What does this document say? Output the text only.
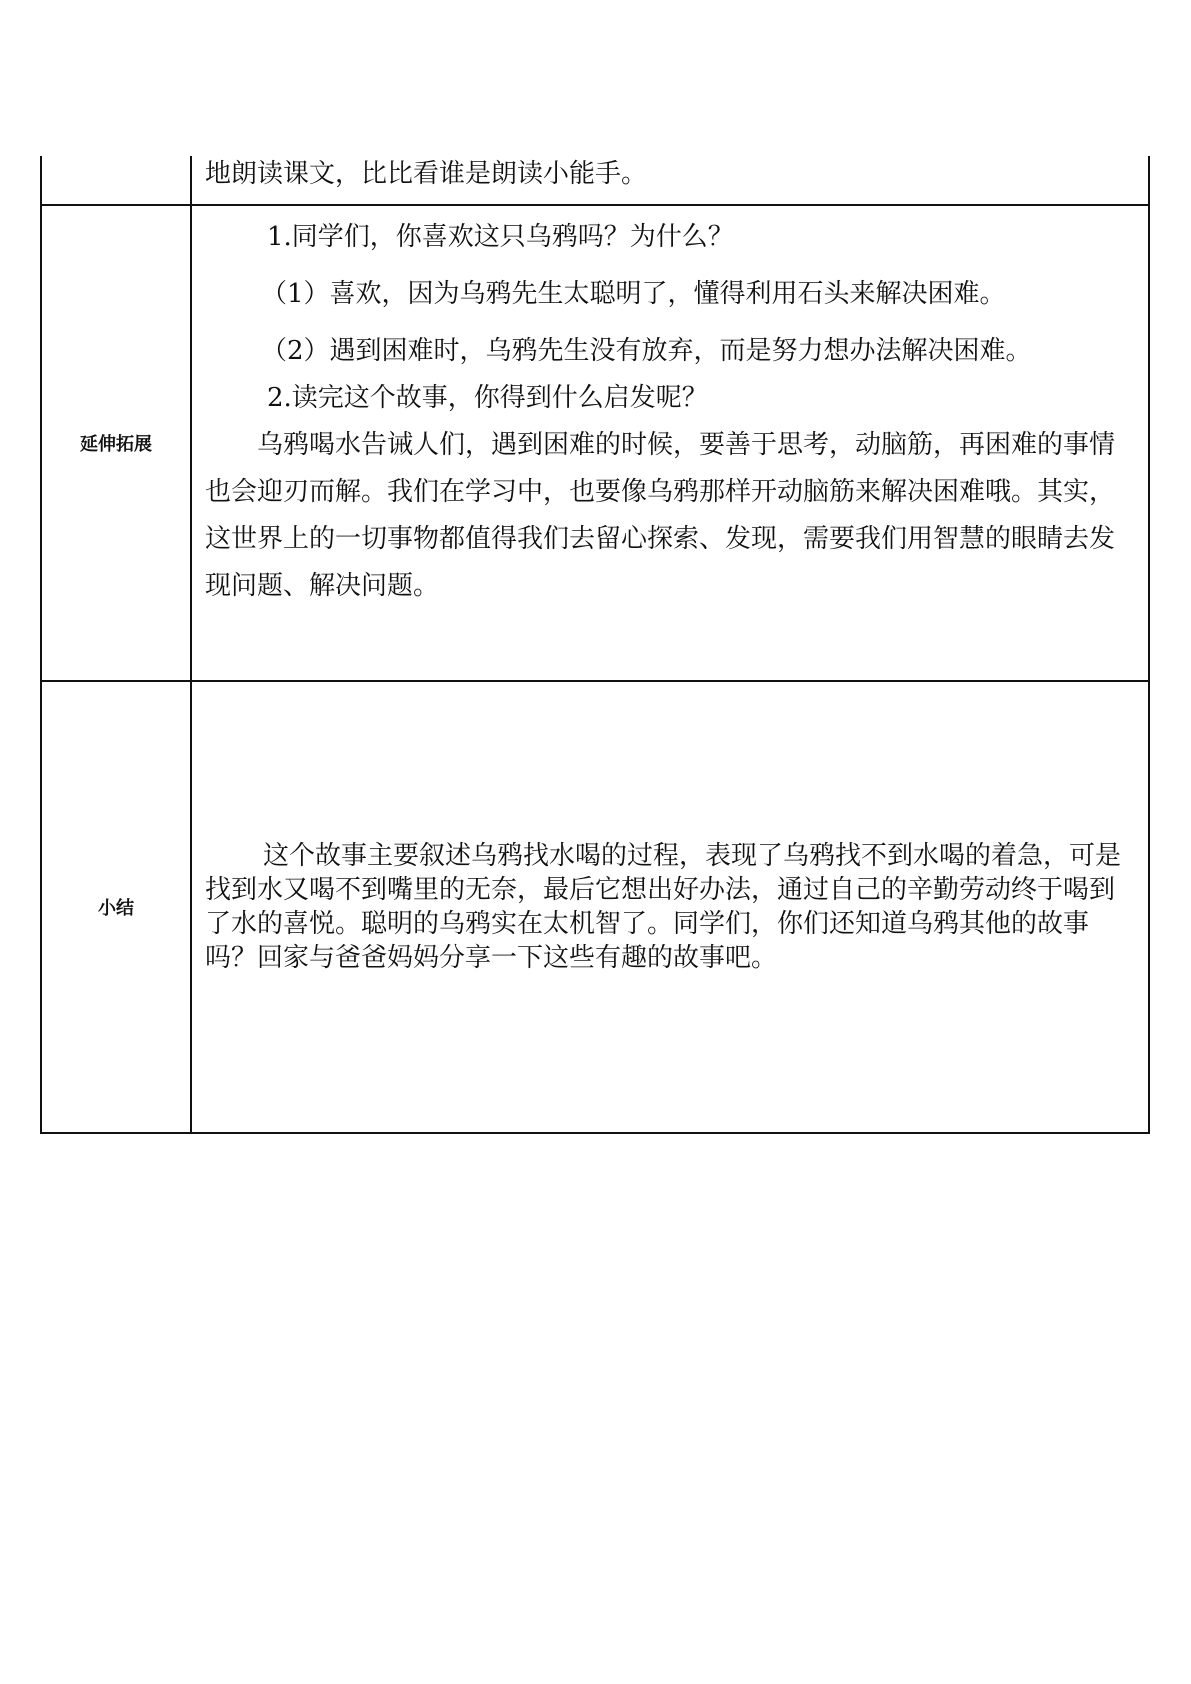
	地朗读课文，比比看谁是朗读小能手。

延伸拓展	1.同学们，你喜欢这只乌鸦吗？为什么？

（1）喜欢，因为乌鸦先生太聪明了，懂得利用石头来解决困难。

（2）遇到困难时，乌鸦先生没有放弃，而是努力想办法解决困难。

2.读完这个故事，你得到什么启发呢？

乌鸦喝水告诫人们，遇到困难的时候，要善于思考，动脑筋，再困难的事情也会迎刃而解。我们在学习中，也要像乌鸦那样开动脑筋来解决困难哦。其实，这世界上的一切事物都值得我们去留心探索、发现，需要我们用智慧的眼睛去发现问题、解决问题。

小结	这个故事主要叙述乌鸦找水喝的过程，表现了乌鸦找不到水喝的着急，可是找到水又喝不到嘴里的无奈，最后它想出好办法，通过自己的辛勤劳动终于喝到了水的喜悦。聪明的乌鸦实在太机智了。同学们，你们还知道乌鸦其他的故事吗？回家与爸爸妈妈分享一下这些有趣的故事吧。
